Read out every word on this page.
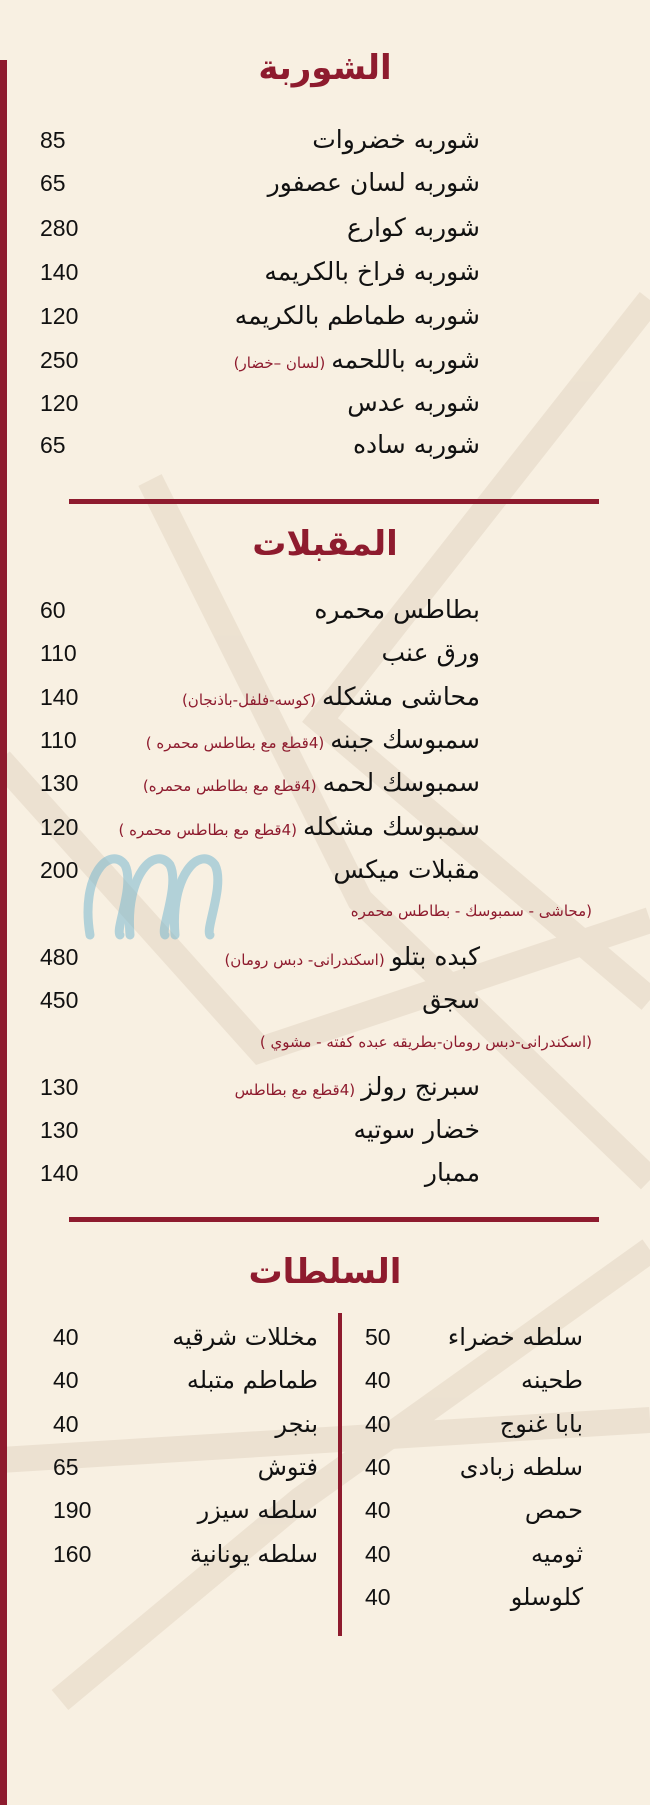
الشوربة
شوربه خضروات
85
شوربه لسان عصفور
65
شوربه كوارع
280
شوربه فراخ بالكريمه
140
شوربه طماطم بالكريمه
120
شوربه باللحمه(لسان –خضار)
250
شوربه عدس
120
شوربه ساده
65
المقبلات
بطاطس محمره
60
ورق عنب
110
محاشى مشكله(كوسه-فلفل-باذنجان)
140
سمبوسك جبنه(4قطع مع بطاطس محمره )
110
سمبوسك لحمه(4قطع مع بطاطس محمره)
130
سمبوسك مشكله(4قطع مع بطاطس محمره )
120
مقبلات ميكس
200
كبده بتلو(اسكندرانى- دبس رومان)
480
سجق
450
سبرنج رولز(4قطع مع بطاطس
130
خضار سوتيه
130
ممبار
140
(محاشى - سمبوسك - بطاطس محمره
(اسكندرانى-دبس رومان-بطريقه عبده كفته - مشوي )
السلطات
سلطه خضراء
50
طحينه
40
بابا غنوج
40
سلطه زبادى
40
حمص
40
ثوميه
40
كلوسلو
40
مخللات شرقيه
40
طماطم متبله
40
بنجر
40
فتوش
65
سلطه سيزر
190
سلطه يونانية
160
